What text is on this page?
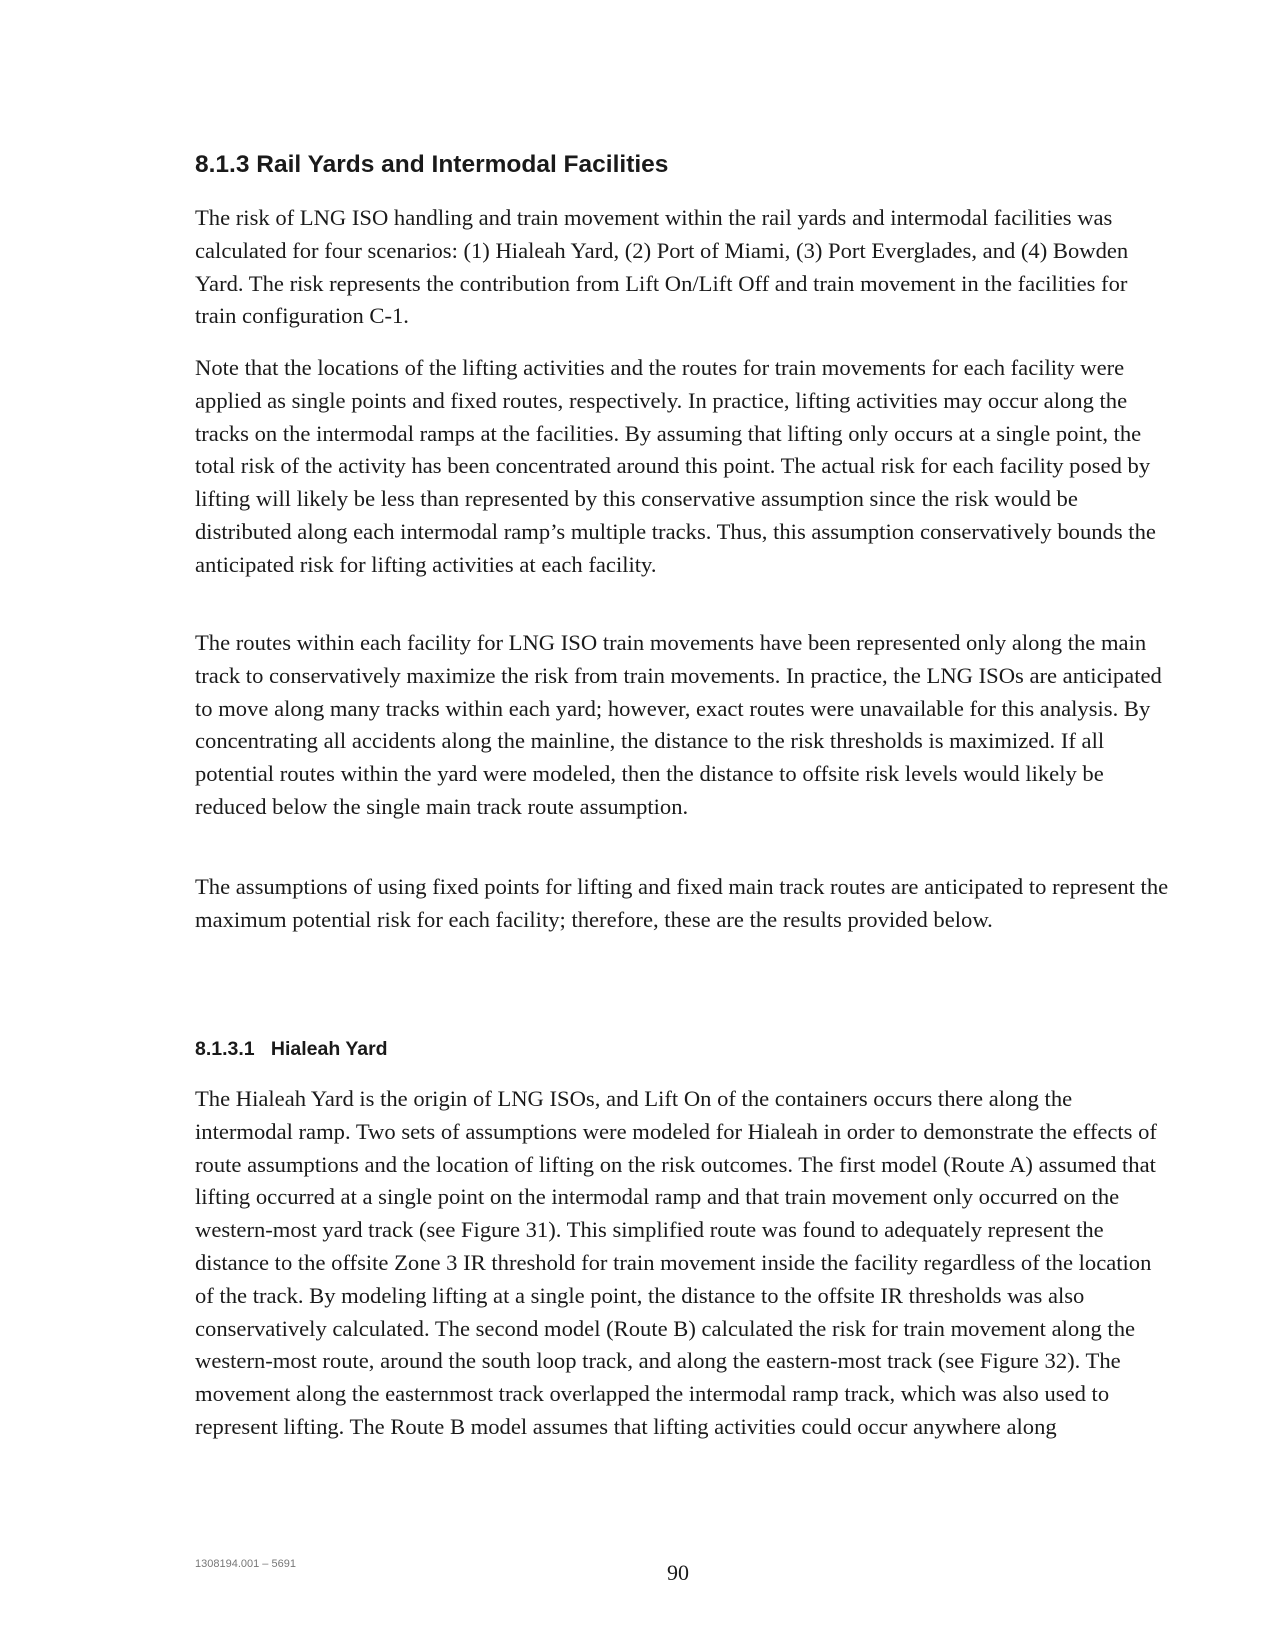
8.1.3 Rail Yards and Intermodal Facilities

The risk of LNG ISO handling and train movement within the rail yards and intermodal facilities was calculated for four scenarios: (1) Hialeah Yard, (2) Port of Miami, (3) Port Everglades, and (4) Bowden Yard. The risk represents the contribution from Lift On/Lift Off and train movement in the facilities for train configuration C-1.

Note that the locations of the lifting activities and the routes for train movements for each facility were applied as single points and fixed routes, respectively. In practice, lifting activities may occur along the tracks on the intermodal ramps at the facilities. By assuming that lifting only occurs at a single point, the total risk of the activity has been concentrated around this point. The actual risk for each facility posed by lifting will likely be less than represented by this conservative assumption since the risk would be distributed along each intermodal ramp’s multiple tracks. Thus, this assumption conservatively bounds the anticipated risk for lifting activities at each facility.

The routes within each facility for LNG ISO train movements have been represented only along the main track to conservatively maximize the risk from train movements. In practice, the LNG ISOs are anticipated to move along many tracks within each yard; however, exact routes were unavailable for this analysis. By concentrating all accidents along the mainline, the distance to the risk thresholds is maximized. If all potential routes within the yard were modeled, then the distance to offsite risk levels would likely be reduced below the single main track route assumption.

The assumptions of using fixed points for lifting and fixed main track routes are anticipated to represent the maximum potential risk for each facility; therefore, these are the results provided below.

8.1.3.1   Hialeah Yard

The Hialeah Yard is the origin of LNG ISOs, and Lift On of the containers occurs there along the intermodal ramp. Two sets of assumptions were modeled for Hialeah in order to demonstrate the effects of route assumptions and the location of lifting on the risk outcomes. The first model (Route A) assumed that lifting occurred at a single point on the intermodal ramp and that train movement only occurred on the western-most yard track (see Figure 31). This simplified route was found to adequately represent the distance to the offsite Zone 3 IR threshold for train movement inside the facility regardless of the location of the track. By modeling lifting at a single point, the distance to the offsite IR thresholds was also conservatively calculated. The second model (Route B) calculated the risk for train movement along the western-most route, around the south loop track, and along the eastern-most track (see Figure 32). The movement along the easternmost track overlapped the intermodal ramp track, which was also used to represent lifting. The Route B model assumes that lifting activities could occur anywhere along

1308194.001 – 5691	90
